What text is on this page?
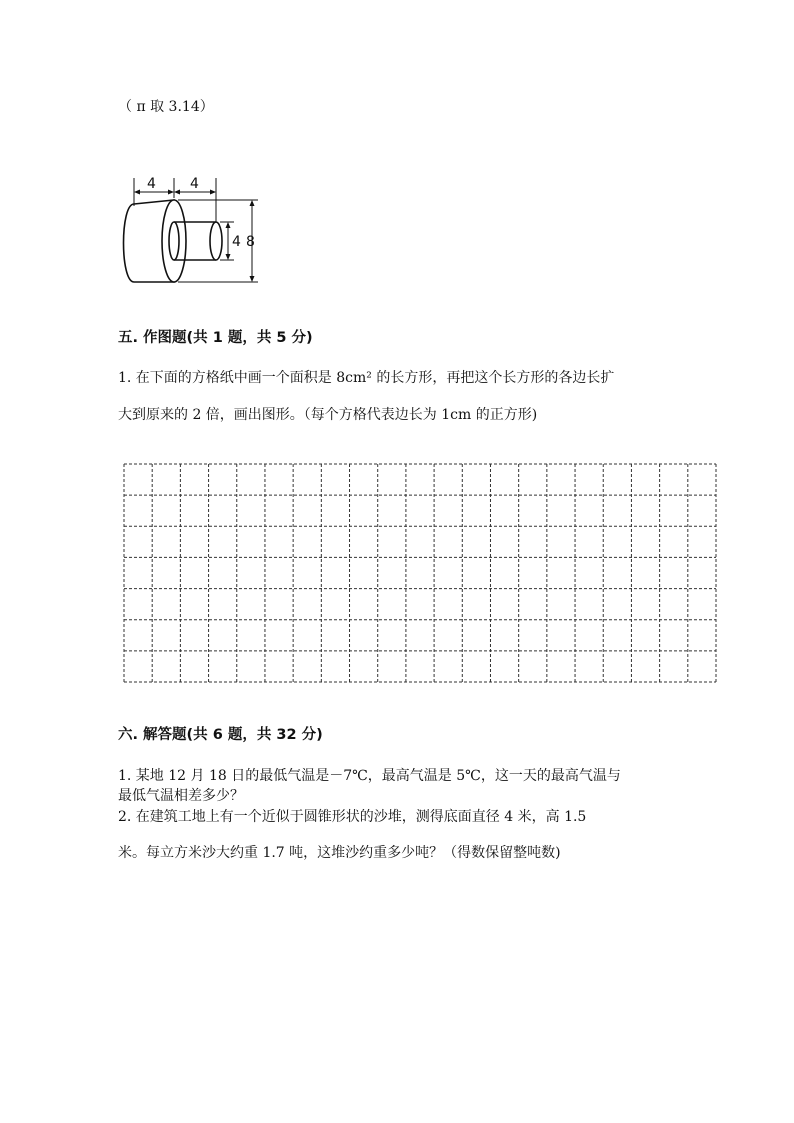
（ π 取 3.14）
4 4
4 8
五. 作图题(共 1 题，共 5 分)
1. 在下面的方格纸中画一个面积是 8cm² 的长方形，再把这个长方形的各边长扩
大到原来的 2 倍，画出图形。（每个方格代表边长为 1cm 的正方形)
六. 解答题(共 6 题，共 32 分)
1. 某地 12 月 18 日的最低气温是－7℃，最高气温是 5℃，这一天的最高气温与
最低气温相差多少？
2. 在建筑工地上有一个近似于圆锥形状的沙堆，测得底面直径 4 米，高 1.5
米。每立方米沙大约重 1.7 吨，这堆沙约重多少吨？（得数保留整吨数)
